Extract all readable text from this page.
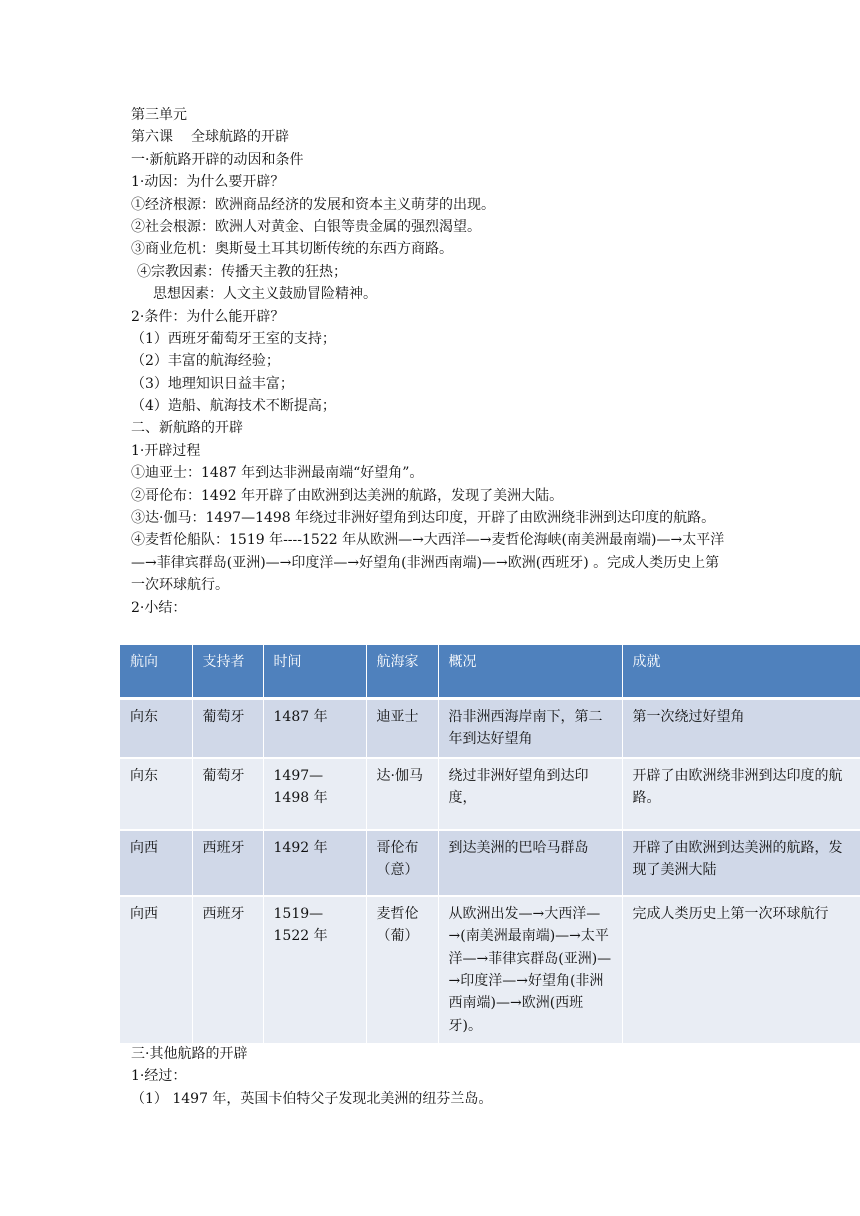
第三单元
第六课 全球航路的开辟
一·新航路开辟的动因和条件
1·动因：为什么要开辟？
①经济根源：欧洲商品经济的发展和资本主义萌芽的出现。
②社会根源：欧洲人对黄金、白银等贵金属的强烈渴望。
③商业危机：奥斯曼土耳其切断传统的东西方商路。
④宗教因素：传播天主教的狂热；
思想因素：人文主义鼓励冒险精神。
2·条件：为什么能开辟？
（1）西班牙葡萄牙王室的支持；
（2）丰富的航海经验；
（3）地理知识日益丰富；
（4）造船、航海技术不断提高；
二、新航路的开辟
1·开辟过程
①迪亚士：1487 年到达非洲最南端“好望角”。
②哥伦布：1492 年开辟了由欧洲到达美洲的航路，发现了美洲大陆。
③达·伽马：1497—1498 年绕过非洲好望角到达印度，开辟了由欧洲绕非洲到达印度的航路。
④麦哲伦船队：1519 年----1522 年从欧洲—→大西洋—→麦哲伦海峡(南美洲最南端)—→太平洋—→菲律宾群岛(亚洲)—→印度洋—→好望角(非洲西南端)—→欧洲(西班牙) 。完成人类历史上第一次环球航行。
2·小结：
航向	支持者	时间	航海家	概况	成就
向东	葡萄牙	1487 年	迪亚士	沿非洲西海岸南下，第二年到达好望角	第一次绕过好望角
向东	葡萄牙	1497—1498 年	达·伽马	绕过非洲好望角到达印度，	开辟了由欧洲绕非洲到达印度的航路。
向西	西班牙	1492 年	哥伦布（意）	到达美洲的巴哈马群岛	开辟了由欧洲到达美洲的航路，发现了美洲大陆
向西	西班牙	1519—1522 年	麦哲伦（葡）	从欧洲出发—→大西洋—→(南美洲最南端)—→太平洋—→菲律宾群岛(亚洲)—→印度洋—→好望角(非洲西南端)—→欧洲(西班牙)。	完成人类历史上第一次环球航行
三·其他航路的开辟
1·经过：
（1） 1497 年，英国卡伯特父子发现北美洲的纽芬兰岛。
